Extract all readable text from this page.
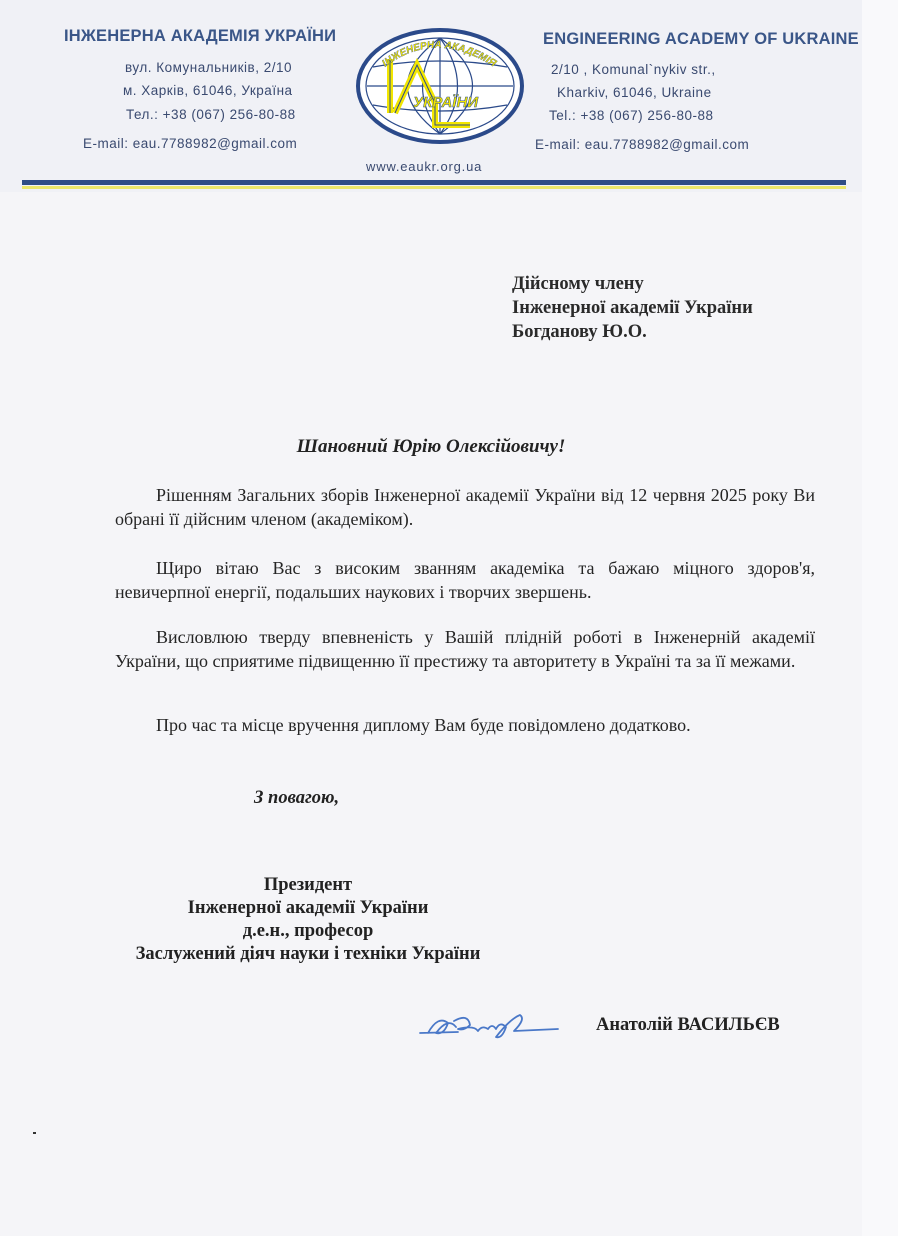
ІНЖЕНЕРНА АКАДЕМІЯ УКРАЇНИ
вул. Комунальників, 2/10
м. Харків, 61046, Україна
Тел.: +38 (067) 256-80-88
E-mail: eau.7788982@gmail.com
ІНЖЕНЕРНА АКАДЕМІЯ
УКРАЇНИ
www.eaukr.org.ua
ENGINEERING ACADEMY OF UKRAINE
2/10 , Komunal`nykiv str.,
Kharkiv, 61046, Ukraine
Tel.: +38 (067) 256-80-88
E-mail: eau.7788982@gmail.com
Дійсному члену
Інженерної академії України
Богданову Ю.О.
Шановний Юрію Олексійовичу!
Рішенням Загальних зборів Інженерної академії України від 12 червня 2025 року Ви обрані її дійсним членом (академіком).
Щиро вітаю Вас з високим званням академіка та бажаю міцного здоров'я, невичерпної енергії, подальших наукових і творчих звершень.
Висловлюю тверду впевненість у Вашій плідній роботі в Інженерній академії України, що сприятиме підвищенню її престижу та авторитету в Україні та за її межами.
Про час та місце вручення диплому Вам буде повідомлено додатково.
З повагою,
Президент
Інженерної академії України
д.е.н., професор
Заслужений діяч науки і техніки України
Анатолій ВАСИЛЬЄВ
